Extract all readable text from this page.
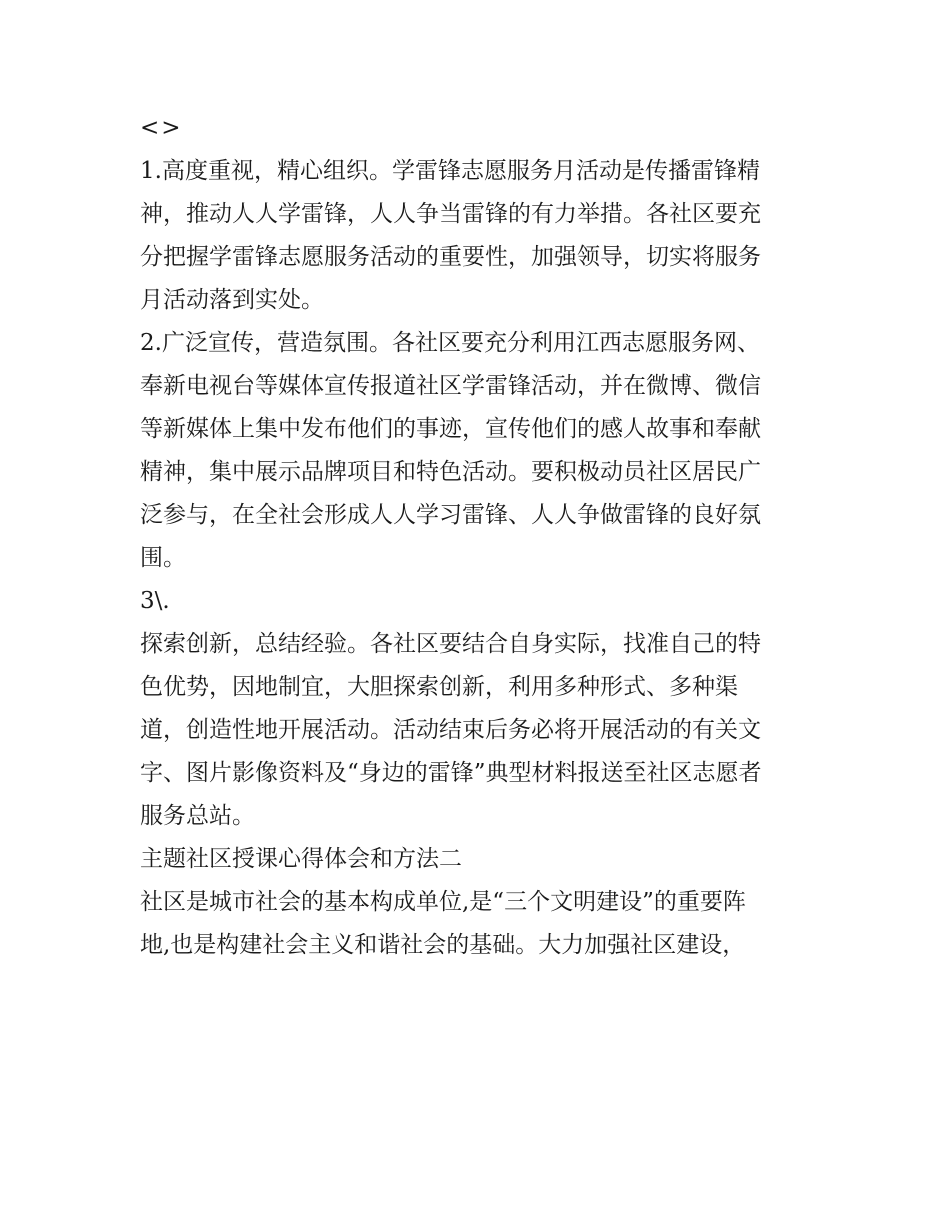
<>
1.高度重视，精心组织。学雷锋志愿服务月活动是传播雷锋精
神，推动人人学雷锋，人人争当雷锋的有力举措。各社区要充
分把握学雷锋志愿服务活动的重要性，加强领导，切实将服务
月活动落到实处。
2.广泛宣传，营造氛围。各社区要充分利用江西志愿服务网、
奉新电视台等媒体宣传报道社区学雷锋活动，并在微博、微信
等新媒体上集中发布他们的事迹，宣传他们的感人故事和奉献
精神，集中展示品牌项目和特色活动。要积极动员社区居民广
泛参与，在全社会形成人人学习雷锋、人人争做雷锋的良好氛
围。
3\.
探索创新，总结经验。各社区要结合自身实际，找准自己的特
色优势，因地制宜，大胆探索创新，利用多种形式、多种渠
道，创造性地开展活动。活动结束后务必将开展活动的有关文
字、图片影像资料及“身边的雷锋”典型材料报送至社区志愿者
服务总站。
主题社区授课心得体会和方法二
社区是城市社会的基本构成单位,是“三个文明建设”的重要阵
地,也是构建社会主义和谐社会的基础。大力加强社区建设，
